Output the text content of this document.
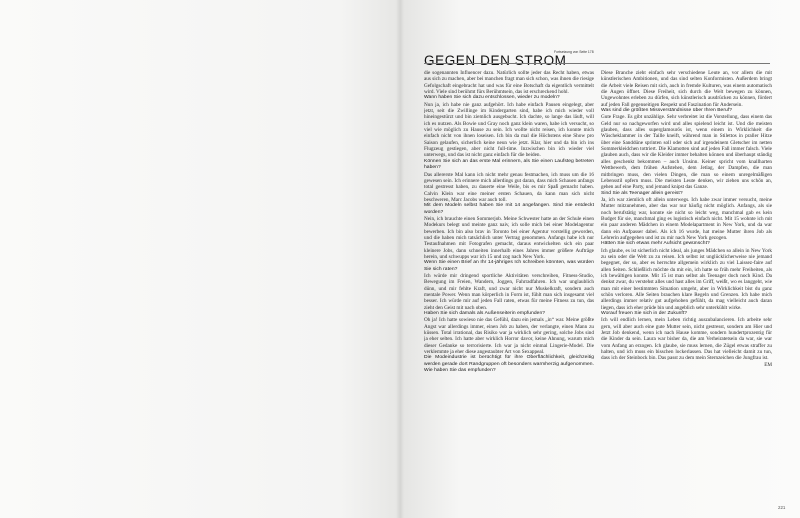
GEGEN DEN STROM
Fortsetzung von Seite 178

die sogenannten Influencer dazu. Natürlich sollte jeder das Recht haben, etwas aus sich zu machen, aber bei manchen fragt man sich schon, was ihnen die riesige Gefolgschaft eingebracht hat und was für eine Botschaft da eigentlich vermittelt wird. Viele sind berühmt fürs Berühmtsein, das ist erschreckend hohl.

Wann haben Sie sich dazu entschlossen, wieder zu modeln?

Nun ja, ich habe nie ganz aufgehört. Ich habe einfach Pausen eingelegt, aber jetzt, seit die Zwillinge im Kindergarten sind, habe ich mich wieder voll hineingestürzt und bin ziemlich ausgebucht. Ich dachte, so lange das läuft, will ich es nutzen. Als Bowie und Gray noch ganz klein waren, habe ich versucht, so viel wie möglich zu Hause zu sein. Ich wollte nicht reisen, ich konnte mich einfach nicht von ihnen loseisen. Ich bin da mal die Höchstens eine Show pro Saison gelaufen, sicherlich keine neun wie jetzt. Klar, hier und da bin ich ins Flugzeug gestiegen, aber nicht full-time. Inzwischen bin ich wieder viel unterwegs, und das ist nicht ganz einfach für die beiden.

Können Sie sich an das erste Mal erinnern, als Sie einen Laufsteg betreten haben?

Das allererste Mal kann ich nicht mehr genau festmachen, ich muss um die 16 gewesen sein. Ich erinnere mich allerdings gut daran, dass mich Schauen anfangs total gestresst haben, zu dauerte eine Weile, bis es mir Spaß gemacht haben. Calvin Klein war eine meiner ersten Schauen, da kann man sich nicht beschweren, Marc Jacobs war auch toll.

Mit dem Modeln selbst haben Sie mit 14 angefangen. Sind Sie entdeckt worden?

Nein, ich brauchte einen Sommerjob. Meine Schwester hatte an der Schule einen Modekurs belegt und meinte ganz naiv, ich solle mich bei einer Modelagentur bewerben. Ich bin also brav in Toronto bei einer Agentur vorstellig geworden, und die haben mich tatsächlich unter Vertrag genommen. Anfangs habe ich nur Testaufnahmen mit Fotografen gemacht, daraus entwickelten sich ein paar kleinere Jobs, dann schneiten innerhalb eines Jahres immer größere Aufträge herein, und schwupps war ich 15 und zog nach New York.

Wenn Sie einen Brief an Ihr 14-jähriges Ich schreiben könnten, was würden Sie sich raten?

Ich würde mir dringend sportliche Aktivitäten verschreiben, Fitness-Studio, Bewegung im Freien, Wandern, Joggen, Fahrradfahren. Ich war unglaublich dünn, und mir fehlte Kraft, und zwar nicht nur Muskelkraft, sondern auch mentale Power. Wenn man körperlich in Form ist, fühlt man sich insgesamt viel besser. Ich würde mir auf jeden Fall raten, etwas für meine Fitness zu tun, das zieht den Geist mit nach oben.

Haben Sie sich damals als Außenseiterin empfunden?

Oh ja! Ich hatte sowieso nie das Gefühl, dazu ein jemals „in“ war. Meine größte Angst war allerdings immer, einen Job zu haben, der verlangte, einen Mann zu küssen. Total irrational, das Risiko war ja wirklich sehr gering, solche Jobs sind ja eher selten. Ich hatte aber wirklich Horror davor, keine Ahnung, warum mich dieser Gedanke so terrorisierte. Ich war ja nicht einmal Lingerie-Model. Die verklemmte ja eher diese angestaubter Art von Sexappeal.

Die Modeindustrie ist berüchtigt für ihre Oberflächlichkeit, gleichzeitig werden gerade dort Randgruppen oft besonders warmherzig aufgenommen. Wie haben Sie das empfunden?

Diese Branche zieht einfach sehr verschiedene Leute an, vor allem die mit künstlerischen Ambitionen, und das sind selten Konformisten. Außerdem bringt die Arbeit viele Reisen mit sich, auch in fremde Kulturen, was einem automatisch die Augen öffnet. Diese Freiheit, sich durch die Welt bewegen zu können, Ungewohntes erleben zu dürfen, sich künstlerisch ausdrücken zu können, fördert auf jeden Fall gegenseitigen Respekt und Faszination für Andersein.

Was sind die größten Missverständnisse über Ihren Beruf?

Gute Frage. Es gibt unzählige. Sehr verbreitet ist die Vorstellung, dass einem das Geld nur so nachgeworfen wird und alles spielend leicht ist. Und die meisten glauben, dass alles superglamourös ist, wenn einem in Wirklichkeit die Wäscheklammer in der Taille kneift, während man in Stilettos in praller Hitze über eine Sanddüne sprinten soll oder sich auf irgendeinem Gletscher im netten Sommerkleidchen tottriert. Die Klamotten sind auf jeden Fall immer falsch. Viele glauben auch, dass wir die Kleider immer behalten können und überhaupt ständig alles geschenkt bekommen – auch Unsinn. Keiner spricht vom knallharten Wettbewerb, dem frühen Aufstehen, dem Jetlag, der Dampfen, die man mitbringen muss, den vielen Dingen, die man so einem unregelmäßigen Lebensstil opfern muss. Die meisten Leute denken, wir ziehen uns schön an, gehen auf eine Party, und jemand knipst das Ganze.

Sind Sie als Teenager allein gereist?

Ja, ich war ziemlich oft allein unterwegs. Ich habe zwar immer versucht, meine Mutter mitzunehmen, aber das war nur häufig nicht möglich. Anfangs, als sie noch berufstätig war, konnte sie nicht so leicht weg, manchmal gab es kein Budget für sie, manchmal ging es logistisch einfach nicht. Mit 15 wohnte ich mit ein paar anderen Mädchen in einem Modelapartment in New York, und da war dann ein Aufpasser dabei. Als ich 16 wurde, hat meine Mutter ihren Job als Lehrerin aufgegeben und ist zu mir nach New York gezogen.

Hätten Sie sich etwas mehr Aufsicht gewünscht?

Ich glaube, es ist sicherlich nicht ideal, als junges Mädchen so allein in New York zu sein oder die Welt zu zu reisen. Ich selbst ist unglücklicherweise nie jemand begegnet, der so, aber es herrschte allgemein wirklich zu viel Laissez-faire auf allen Seiten. Schließlich möchte du mit ein, ich hatte so früh mehr Freiheiten, als ich bewältigen konnte. Mit 15 ist man selbst als Teenager doch noch Kind. Da denkst zwar, du verstehst alles und hast alles im Griff, weißt, wo es langgeht, wie man mit einer bestimmten Situation umgeht, aber in Wirklichkeit bist du ganz schön verloren. Alle Seiten brauchen klare Regeln und Grenzen. Ich habe mich allerdings immer relativ gut aufgehoben gefühlt, da mag vielleicht auch daran liegen, dass ich eher prüde bin und angeblich sehr unterkühlt wirke.

Worauf freuen Sie sich in der Zukunft?

Ich will endlich lernen, mein Leben richtig auszubalancieren. Ich arbeite sehr gern, will aber auch eine gute Mutter sein, nicht gestresst, sondern am Hier und Jetzt Job denkend, wenn ich nach Hause komme, sondern hundertprozentig für die Kinder da sein. Laura war bisher da, die am Verheiratetsein da war, sie war vom Anfang an erzogen. Ich glaube, sie muss lernen, die Zügel etwas straffer zu halten, und ich muss ein bisschen lockerlassen. Das hat vielleicht damit zu tun, dass ich der Steinbock bin. Das passt zu dem mein Sternzeichen die Jungfrau ist.

EM

221
